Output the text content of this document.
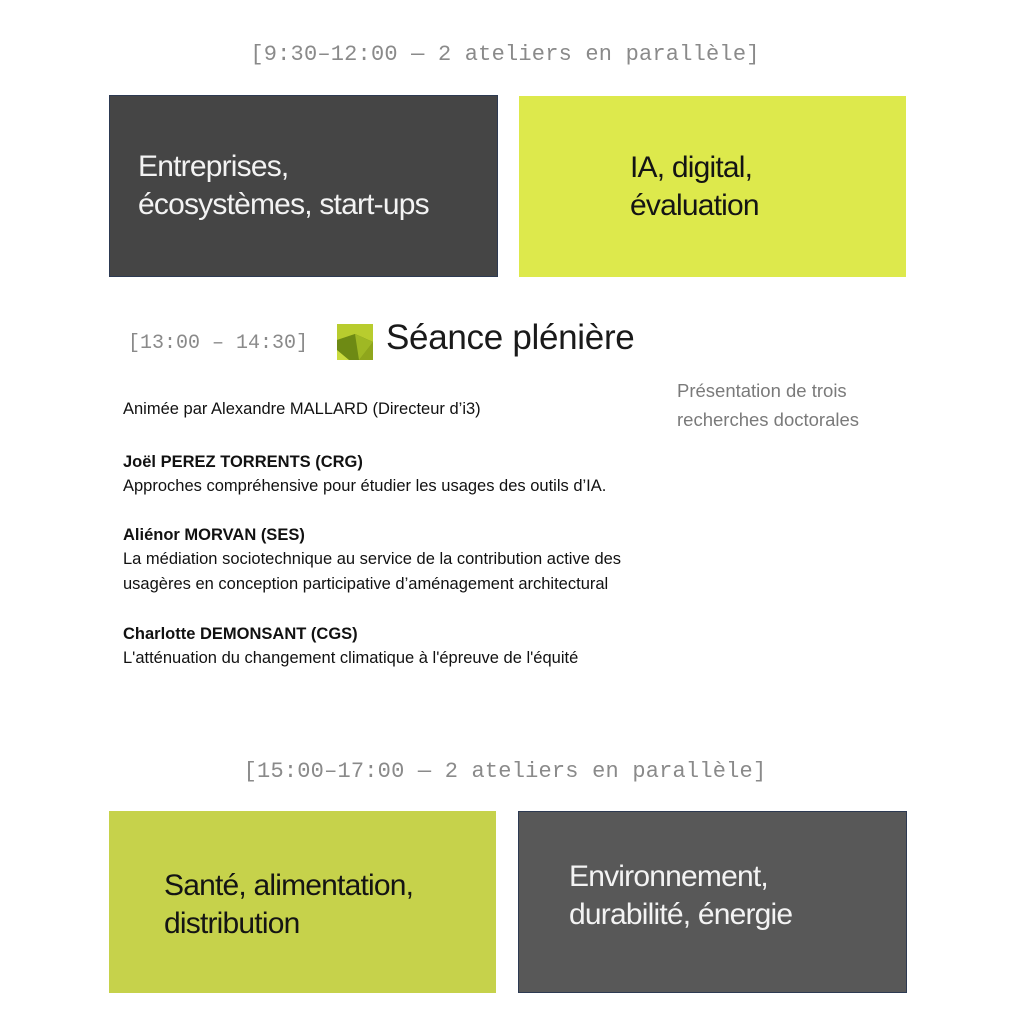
[9:30–12:00 — 2 ateliers en parallèle]
Entreprises,
écosystèmes, start-ups
IA, digital,
évaluation
[13:00 – 14:30] Séance plénière
Présentation de trois
recherches doctorales
Animée par Alexandre MALLARD (Directeur d’i3)
Joël PEREZ TORRENTS (CRG)
Approches compréhensive pour étudier les usages des outils d’IA.
Aliénor MORVAN (SES)
La médiation sociotechnique au service de la contribution active des
usagères en conception participative d’aménagement architectural
Charlotte DEMONSANT (CGS)
L'atténuation du changement climatique à l'épreuve de l'équité
[15:00–17:00 — 2 ateliers en parallèle]
Santé, alimentation,
distribution
Environnement,
durabilité, énergie
